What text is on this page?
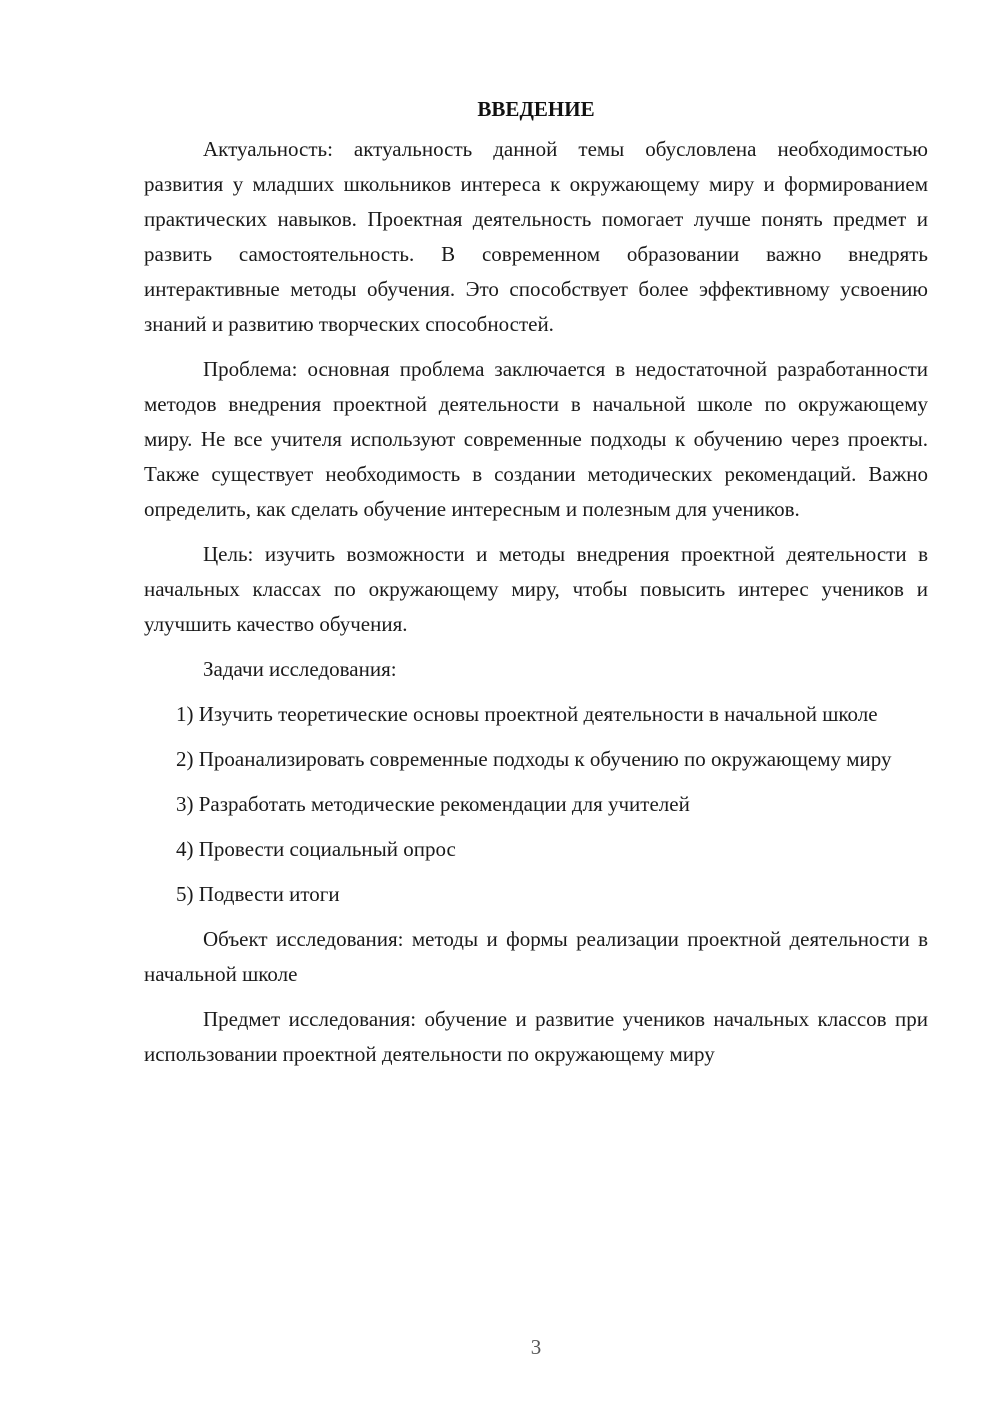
ВВЕДЕНИЕ

Актуальность: актуальность данной темы обусловлена необходимостью развития у младших школьников интереса к окружающему миру и формированием практических навыков. Проектная деятельность помогает лучше понять предмет и развить самостоятельность. В современном образовании важно внедрять интерактивные методы обучения. Это способствует более эффективному усвоению знаний и развитию творческих способностей.

Проблема: основная проблема заключается в недостаточной разработанности методов внедрения проектной деятельности в начальной школе по окружающему миру. Не все учителя используют современные подходы к обучению через проекты. Также существует необходимость в создании методических рекомендаций. Важно определить, как сделать обучение интересным и полезным для учеников.

Цель: изучить возможности и методы внедрения проектной деятельности в начальных классах по окружающему миру, чтобы повысить интерес учеников и улучшить качество обучения.

Задачи исследования:

1) Изучить теоретические основы проектной деятельности в начальной школе

2) Проанализировать современные подходы к обучению по окружающему миру

3) Разработать методические рекомендации для учителей

4) Провести социальный опрос

5) Подвести итоги

Объект исследования: методы и формы реализации проектной деятельности в начальной школе

Предмет исследования: обучение и развитие учеников начальных классов при использовании проектной деятельности по окружающему миру

3
